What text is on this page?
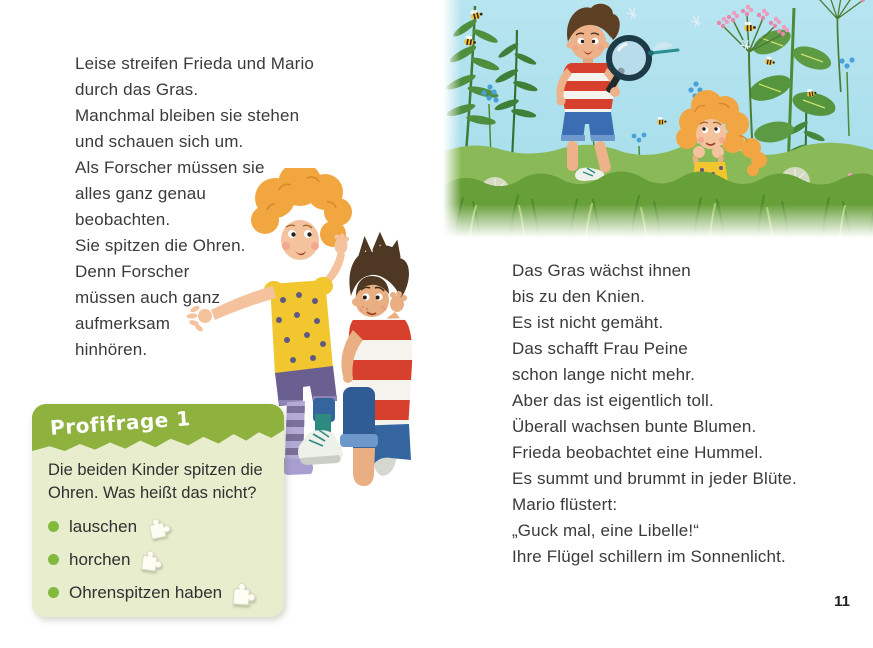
Leise streifen Frieda und Mario
durch das Gras.
Manchmal bleiben sie stehen
und schauen sich um.
Als Forscher müssen sie
alles ganz genau
beobachten.
Sie spitzen die Ohren.
Denn Forscher
müssen auch ganz
aufmerksam
hinhören.
Das Gras wächst ihnen
bis zu den Knien.
Es ist nicht gemäht.
Das schafft Frau Peine
schon lange nicht mehr.
Aber das ist eigentlich toll.
Überall wachsen bunte Blumen.
Frieda beobachtet eine Hummel.
Es summt und brummt in jeder Blüte.
Mario flüstert:
„Guck mal, eine Libelle!“
Ihre Flügel schillern im Sonnenlicht.
Profifrage 1
Die beiden Kinder spitzen die Ohren. Was heißt das nicht?
lauschen
horchen
Ohrenspitzen haben	11
